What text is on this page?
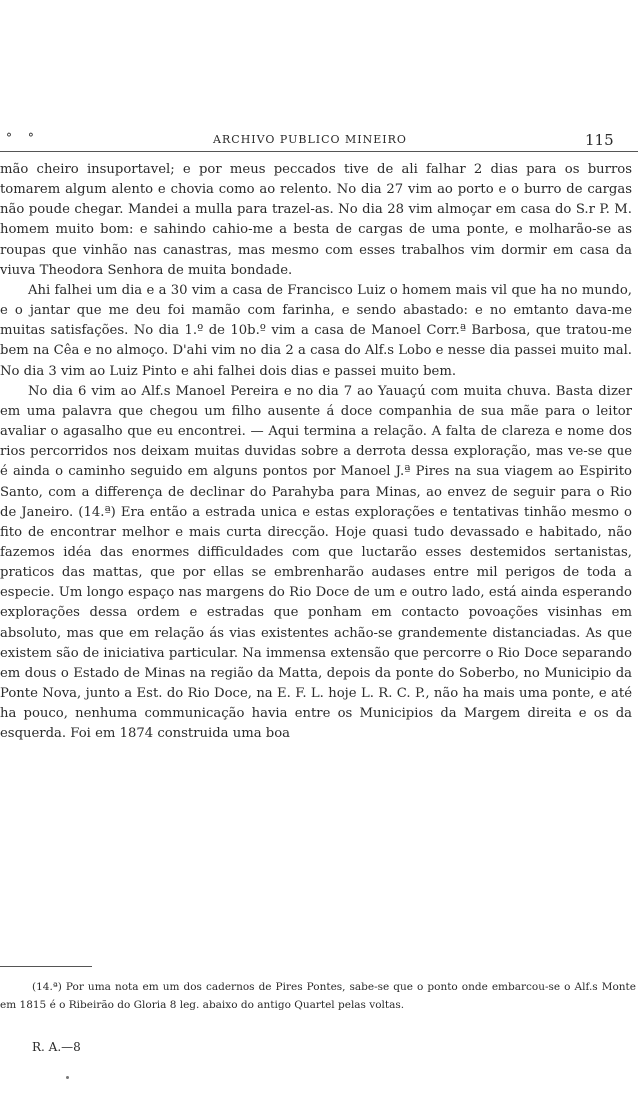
° °	ARCHIVO PUBLICO MINEIRO	115

mão cheiro insuportavel; e por meus peccados tive de ali falhar 2 dias para os burros tomarem algum alento e chovia como ao relento. No dia 27 vim ao porto e o burro de cargas não poude chegar. Mandei a mulla para trazel-as. No dia 28 vim almoçar em casa do S.r P. M. homem muito bom: e sahindo cahio-me a besta de cargas de uma ponte, e molharão-se as roupas que vinhão nas canastras, mas mesmo com esses trabalhos vim dormir em casa da viuva Theodora Senhora de muita bondade.

Ahi falhei um dia e a 30 vim a casa de Francisco Luiz o homem mais vil que ha no mundo, e o jantar que me deu foi mamão com farinha, e sendo abastado: e no emtanto dava-me muitas satisfações. No dia 1.º de 10b.º vim a casa de Manoel Corr.ª Barbosa, que tratou-me bem na Cêa e no almoço. D'ahi vim no dia 2 a casa do Alf.s Lobo e nesse dia passei muito mal. No dia 3 vim ao Luiz Pinto e ahi falhei dois dias e passei muito bem.

No dia 6 vim ao Alf.s Manoel Pereira e no dia 7 ao Yauaçú com muita chuva. Basta dizer em uma palavra que chegou um filho ausente á doce companhia de sua mãe para o leitor avaliar o agasalho que eu encontrei. — Aqui termina a relação. A falta de clareza e nome dos rios percorridos nos deixam muitas duvidas sobre a derrota dessa exploração, mas ve-se que é ainda o caminho seguido em alguns pontos por Manoel J.ª Pires na sua viagem ao Espirito Santo, com a differença de declinar do Parahyba para Minas, ao envez de seguir para o Rio de Janeiro. (14.ª) Era então a estrada unica e estas explorações e tentativas tinhão mesmo o fito de encontrar melhor e mais curta direcção. Hoje quasi tudo devassado e habitado, não fazemos idéa das enormes difficuldades com que luctarão esses destemidos sertanistas, praticos das mattas, que por ellas se embrenharão audases entre mil perigos de toda a especie. Um longo espaço nas margens do Rio Doce de um e outro lado, está ainda esperando explorações dessa ordem e estradas que ponham em contacto povoações visinhas em absoluto, mas que em relação ás vias existentes achão-se grandemente distanciadas. As que existem são de iniciativa particular. Na immensa extensão que percorre o Rio Doce separando em dous o Estado de Minas na região da Matta, depois da ponte do Soberbo, no Municipio da Ponte Nova, junto a Est. do Rio Doce, na E. F. L. hoje L. R. C. P., não ha mais uma ponte, e até ha pouco, nenhuma communicação havia entre os Municipios da Margem direita e os da esquerda. Foi em 1874 construida uma boa

(14.ª) Por uma nota em um dos cadernos de Pires Pontes, sabe-se que o ponto onde embarcou-se o Alf.s Monte em 1815 é o Ribeirão do Gloria 8 leg. abaixo do antigo Quartel pelas voltas.

R. A.—8
